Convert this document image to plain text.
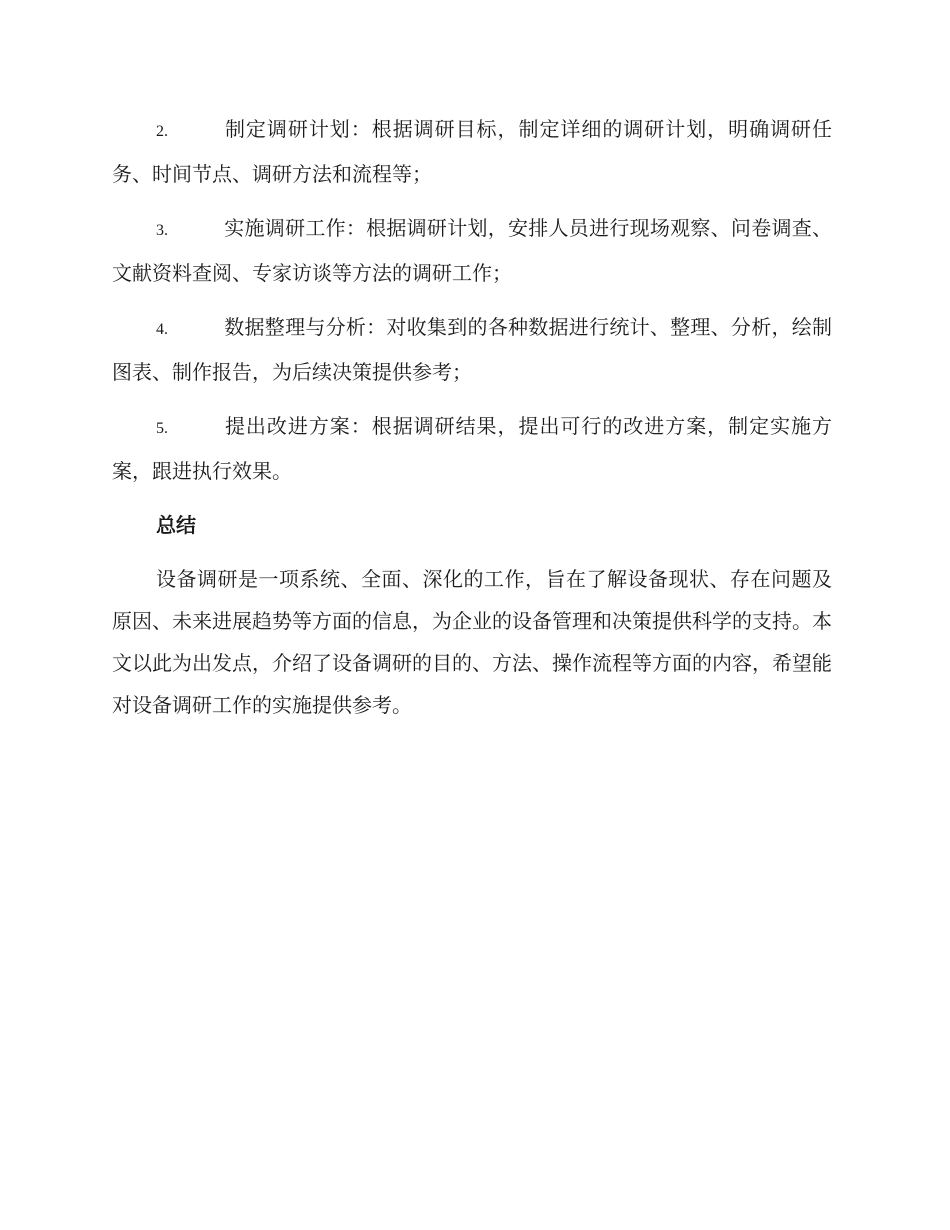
2.	制定调研计划：根据调研目标，制定详细的调研计划，明确调研任务、时间节点、调研方法和流程等；

3.	实施调研工作：根据调研计划，安排人员进行现场观察、问卷调查、文献资料查阅、专家访谈等方法的调研工作；

4.	数据整理与分析：对收集到的各种数据进行统计、整理、分析，绘制图表、制作报告，为后续决策提供参考；

5.	提出改进方案：根据调研结果，提出可行的改进方案，制定实施方案，跟进执行效果。

总结

设备调研是一项系统、全面、深化的工作，旨在了解设备现状、存在问题及原因、未来进展趋势等方面的信息，为企业的设备管理和决策提供科学的支持。本文以此为出发点，介绍了设备调研的目的、方法、操作流程等方面的内容，希望能对设备调研工作的实施提供参考。
